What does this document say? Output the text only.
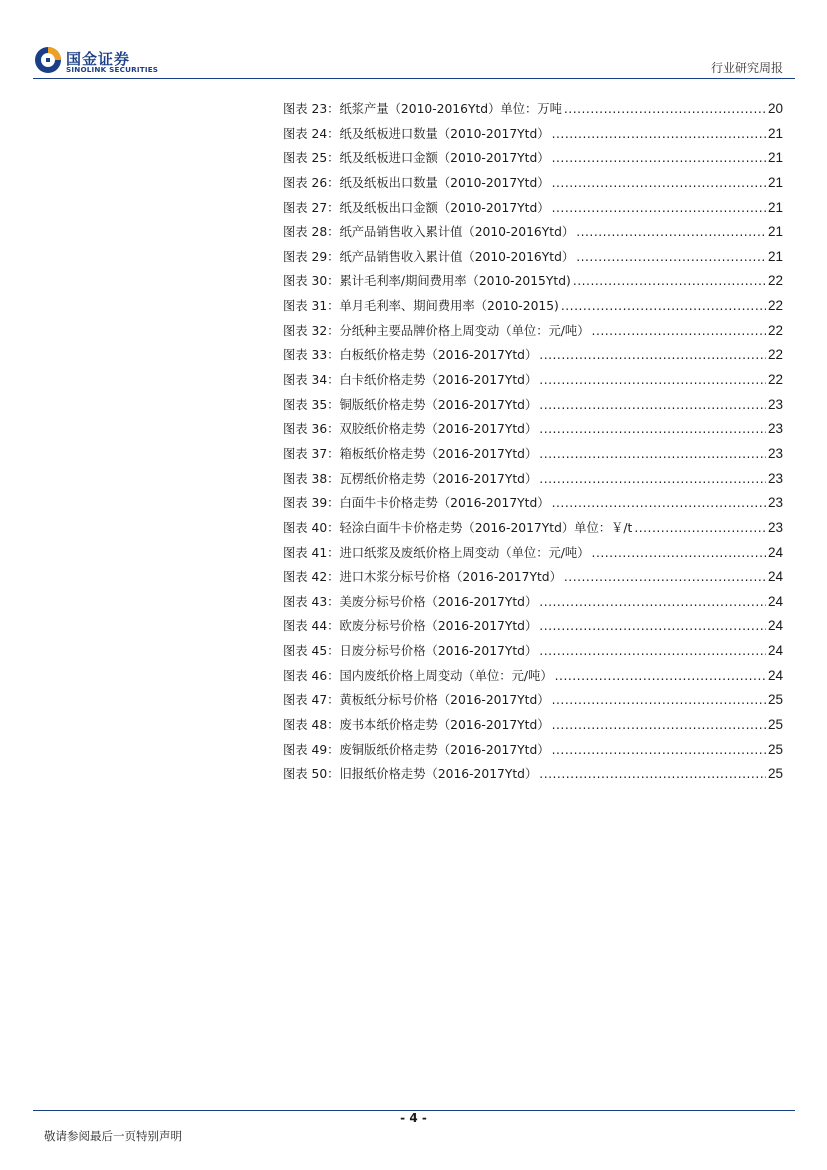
国金证券
SINOLINK SECURITIES	行业研究周报
图表 23：纸浆产量（2010-2016Ytd）单位：万吨 .....	20
图表 24：纸及纸板进口数量（2010-2017Ytd） .....	21
图表 25：纸及纸板进口金额（2010-2017Ytd） .....	21
图表 26：纸及纸板出口数量（2010-2017Ytd） .....	21
图表 27：纸及纸板出口金额（2010-2017Ytd） .....	21
图表 28：纸产品销售收入累计值（2010-2016Ytd） .....	21
图表 29：纸产品销售收入累计值（2010-2016Ytd） .....	21
图表 30：累计毛利率/期间费用率（2010-2015Ytd) .....	22
图表 31：单月毛利率、期间费用率（2010-2015) .....	22
图表 32：分纸种主要品牌价格上周变动（单位：元/吨） .....	22
图表 33：白板纸价格走势（2016-2017Ytd） .....	22
图表 34：白卡纸价格走势（2016-2017Ytd） .....	22
图表 35：铜版纸价格走势（2016-2017Ytd） .....	23
图表 36：双胶纸价格走势（2016-2017Ytd） .....	23
图表 37：箱板纸价格走势（2016-2017Ytd） .....	23
图表 38：瓦楞纸价格走势（2016-2017Ytd） .....	23
图表 39：白面牛卡价格走势（2016-2017Ytd） .....	23
图表 40：轻涂白面牛卡价格走势（2016-2017Ytd）单位：￥/t .....	23
图表 41：进口纸浆及废纸价格上周变动（单位：元/吨） .....	24
图表 42：进口木浆分标号价格（2016-2017Ytd） .....	24
图表 43：美废分标号价格（2016-2017Ytd） .....	24
图表 44：欧废分标号价格（2016-2017Ytd） .....	24
图表 45：日废分标号价格（2016-2017Ytd） .....	24
图表 46：国内废纸价格上周变动（单位：元/吨） .....	24
图表 47：黄板纸分标号价格（2016-2017Ytd） .....	25
图表 48：废书本纸价格走势（2016-2017Ytd） .....	25
图表 49：废铜版纸价格走势（2016-2017Ytd） .....	25
图表 50：旧报纸价格走势（2016-2017Ytd） .....	25
- 4 -
敬请参阅最后一页特别声明
